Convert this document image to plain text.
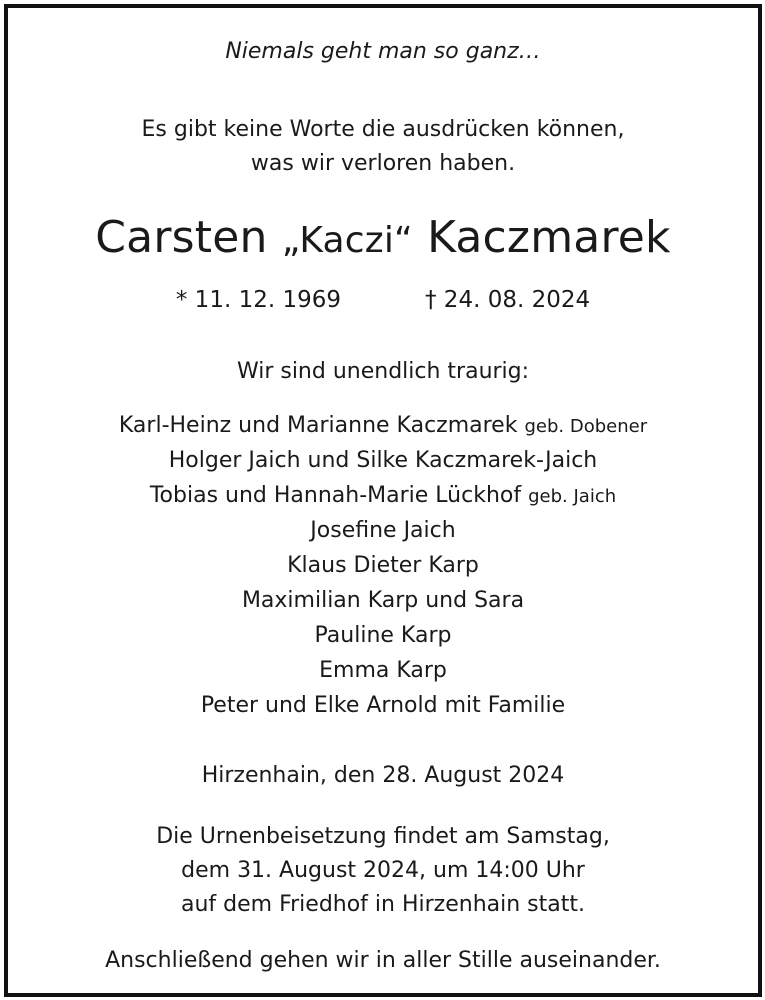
Niemals geht man so ganz…
Es gibt keine Worte die ausdrücken können,
was wir verloren haben.
Carsten „Kaczi“ Kaczmarek
* 11. 12. 1969	† 24. 08. 2024
Wir sind unendlich traurig:
Karl-Heinz und Marianne Kaczmarek geb. Dobener
Holger Jaich und Silke Kaczmarek-Jaich
Tobias und Hannah-Marie Lückhof geb. Jaich
Josefine Jaich
Klaus Dieter Karp
Maximilian Karp und Sara
Pauline Karp
Emma Karp
Peter und Elke Arnold mit Familie
Hirzenhain, den 28. August 2024
Die Urnenbeisetzung findet am Samstag,
dem 31. August 2024, um 14:00 Uhr
auf dem Friedhof in Hirzenhain statt.
Anschließend gehen wir in aller Stille auseinander.
